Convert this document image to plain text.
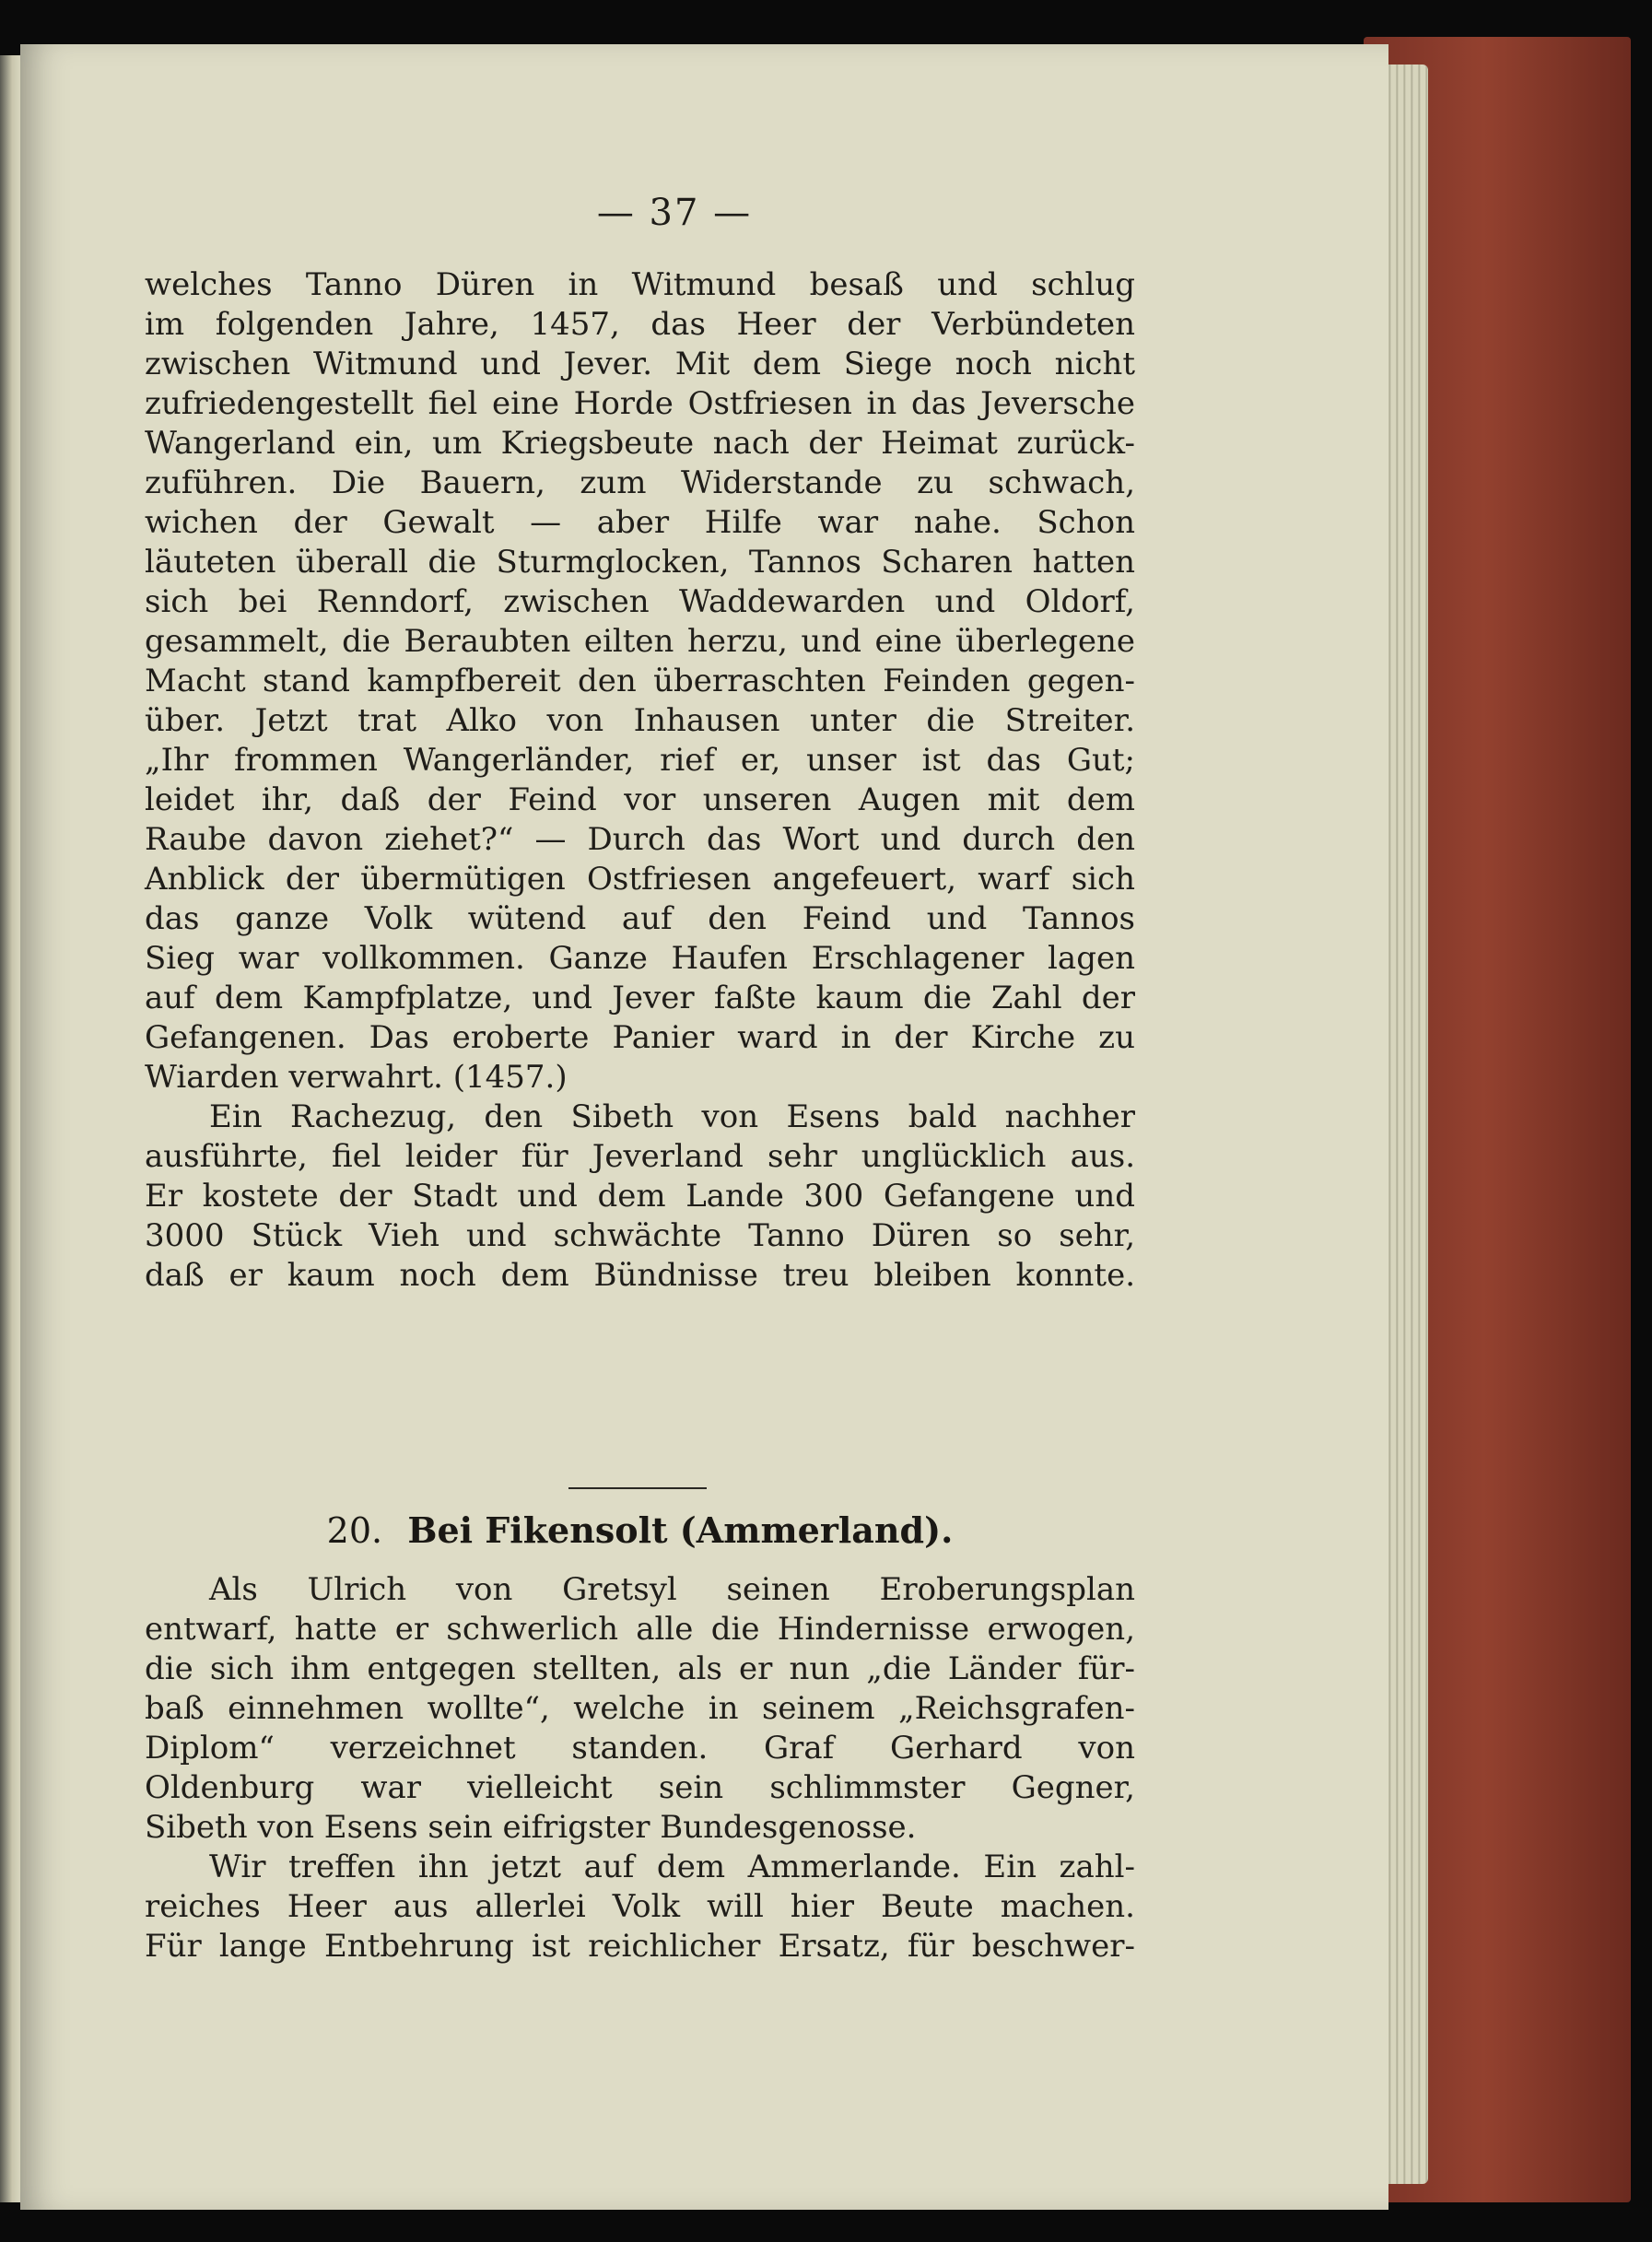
— 37 —
welches Tanno Düren in Witmund besaß und schlug
im folgenden Jahre, 1457, das Heer der Verbündeten
zwischen Witmund und Jever. Mit dem Siege noch nicht
zufriedengestellt fiel eine Horde Ostfriesen in das Jeversche
Wangerland ein, um Kriegsbeute nach der Heimat zurück-
zuführen. Die Bauern, zum Widerstande zu schwach,
wichen der Gewalt — aber Hilfe war nahe. Schon
läuteten überall die Sturmglocken, Tannos Scharen hatten
sich bei Renndorf, zwischen Waddewarden und Oldorf,
gesammelt, die Beraubten eilten herzu, und eine überlegene
Macht stand kampfbereit den überraschten Feinden gegen-
über. Jetzt trat Alko von Inhausen unter die Streiter.
„Ihr frommen Wangerländer, rief er, unser ist das Gut;
leidet ihr, daß der Feind vor unseren Augen mit dem
Raube davon ziehet?“ — Durch das Wort und durch den
Anblick der übermütigen Ostfriesen angefeuert, warf sich
das ganze Volk wütend auf den Feind und Tannos
Sieg war vollkommen. Ganze Haufen Erschlagener lagen
auf dem Kampfplatze, und Jever faßte kaum die Zahl der
Gefangenen. Das eroberte Panier ward in der Kirche zu
Wiarden verwahrt. (1457.)
Ein Rachezug, den Sibeth von Esens bald nachher
ausführte, fiel leider für Jeverland sehr unglücklich aus.
Er kostete der Stadt und dem Lande 300 Gefangene und
3000 Stück Vieh und schwächte Tanno Düren so sehr,
daß er kaum noch dem Bündnisse treu bleiben konnte.
20. Bei Fikensolt (Ammerland).
Als Ulrich von Gretsyl seinen Eroberungsplan
entwarf, hatte er schwerlich alle die Hindernisse erwogen,
die sich ihm entgegen stellten, als er nun „die Länder für-
baß einnehmen wollte“, welche in seinem „Reichsgrafen-
Diplom“ verzeichnet standen. Graf Gerhard von
Oldenburg war vielleicht sein schlimmster Gegner,
Sibeth von Esens sein eifrigster Bundesgenosse.
Wir treffen ihn jetzt auf dem Ammerlande. Ein zahl-
reiches Heer aus allerlei Volk will hier Beute machen.
Für lange Entbehrung ist reichlicher Ersatz, für beschwer-
